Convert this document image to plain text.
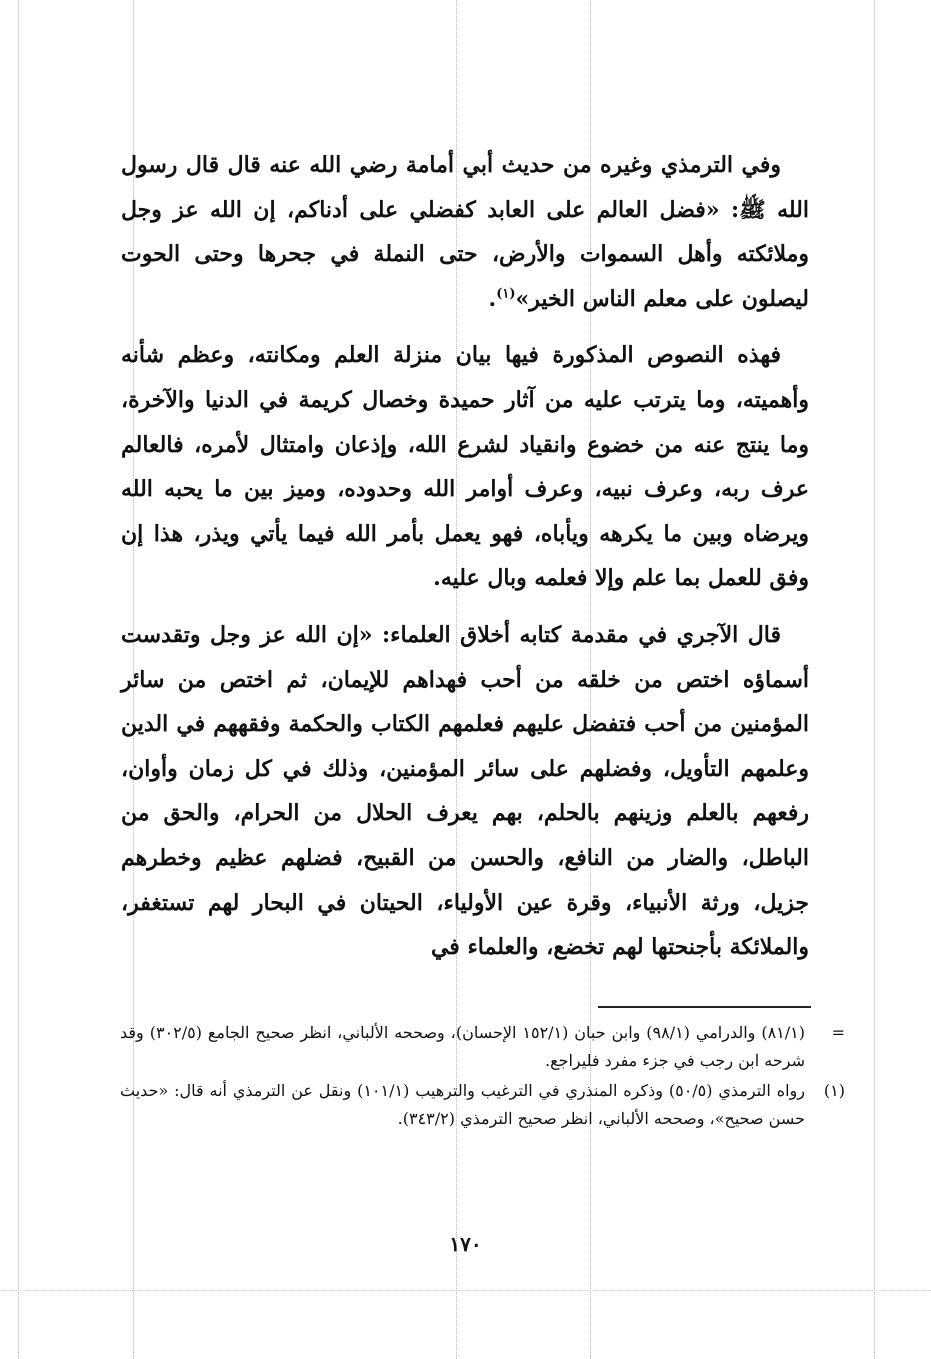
وفي الترمذي وغيره من حديث أبي أمامة رضي الله عنه قال قال رسول الله ﷺ: «فضل العالم على العابد كفضلي على أدناكم، إن الله عز وجل وملائكته وأهل السموات والأرض، حتى النملة في جحرها وحتى الحوت ليصلون على معلم الناس الخير»$^{(١)}$.

فهذه النصوص المذكورة فيها بيان منزلة العلم ومكانته، وعظم شأنه وأهميته، وما يترتب عليه من آثار حميدة وخصال كريمة في الدنيا والآخرة، وما ينتج عنه من خضوع وانقياد لشرع الله، وإذعان وامتثال لأمره، فالعالم عرف ربه، وعرف نبيه، وعرف أوامر الله وحدوده، وميز بين ما يحبه الله ويرضاه وبين ما يكرهه ويأباه، فهو يعمل بأمر الله فيما يأتي ويذر، هذا إن وفق للعمل بما علم وإلا فعلمه وبال عليه.

قال الآجري في مقدمة كتابه أخلاق العلماء: «إن الله عز وجل وتقدست أسماؤه اختص من خلقه من أحب فهداهم للإيمان، ثم اختص من سائر المؤمنين من أحب فتفضل عليهم فعلمهم الكتاب والحكمة وفقههم في الدين وعلمهم التأويل، وفضلهم على سائر المؤمنين، وذلك في كل زمان وأوان، رفعهم بالعلم وزينهم بالحلم، بهم يعرف الحلال من الحرام، والحق من الباطل، والضار من النافع، والحسن من القبيح، فضلهم عظيم وخطرهم جزيل، ورثة الأنبياء، وقرة عين الأولياء، الحيتان في البحار لهم تستغفر، والملائكة بأجنحتها لهم تخضع، والعلماء في

=
(٨١/١) والدرامي (٩٨/١) وابن حبان (١٥٢/١ الإحسان)، وصححه الألباني، انظر صحيح الجامع (٣٠٢/٥) وقد شرحه ابن رجب في جزء مفرد فليراجع.
(١)
رواه الترمذي (٥٠/٥) وذكره المنذري في الترغيب والترهيب (١٠١/١) ونقل عن الترمذي أنه قال: «حديث حسن صحيح»، وصححه الألباني، انظر صحيح الترمذي (٣٤٣/٢).
١٧٠
